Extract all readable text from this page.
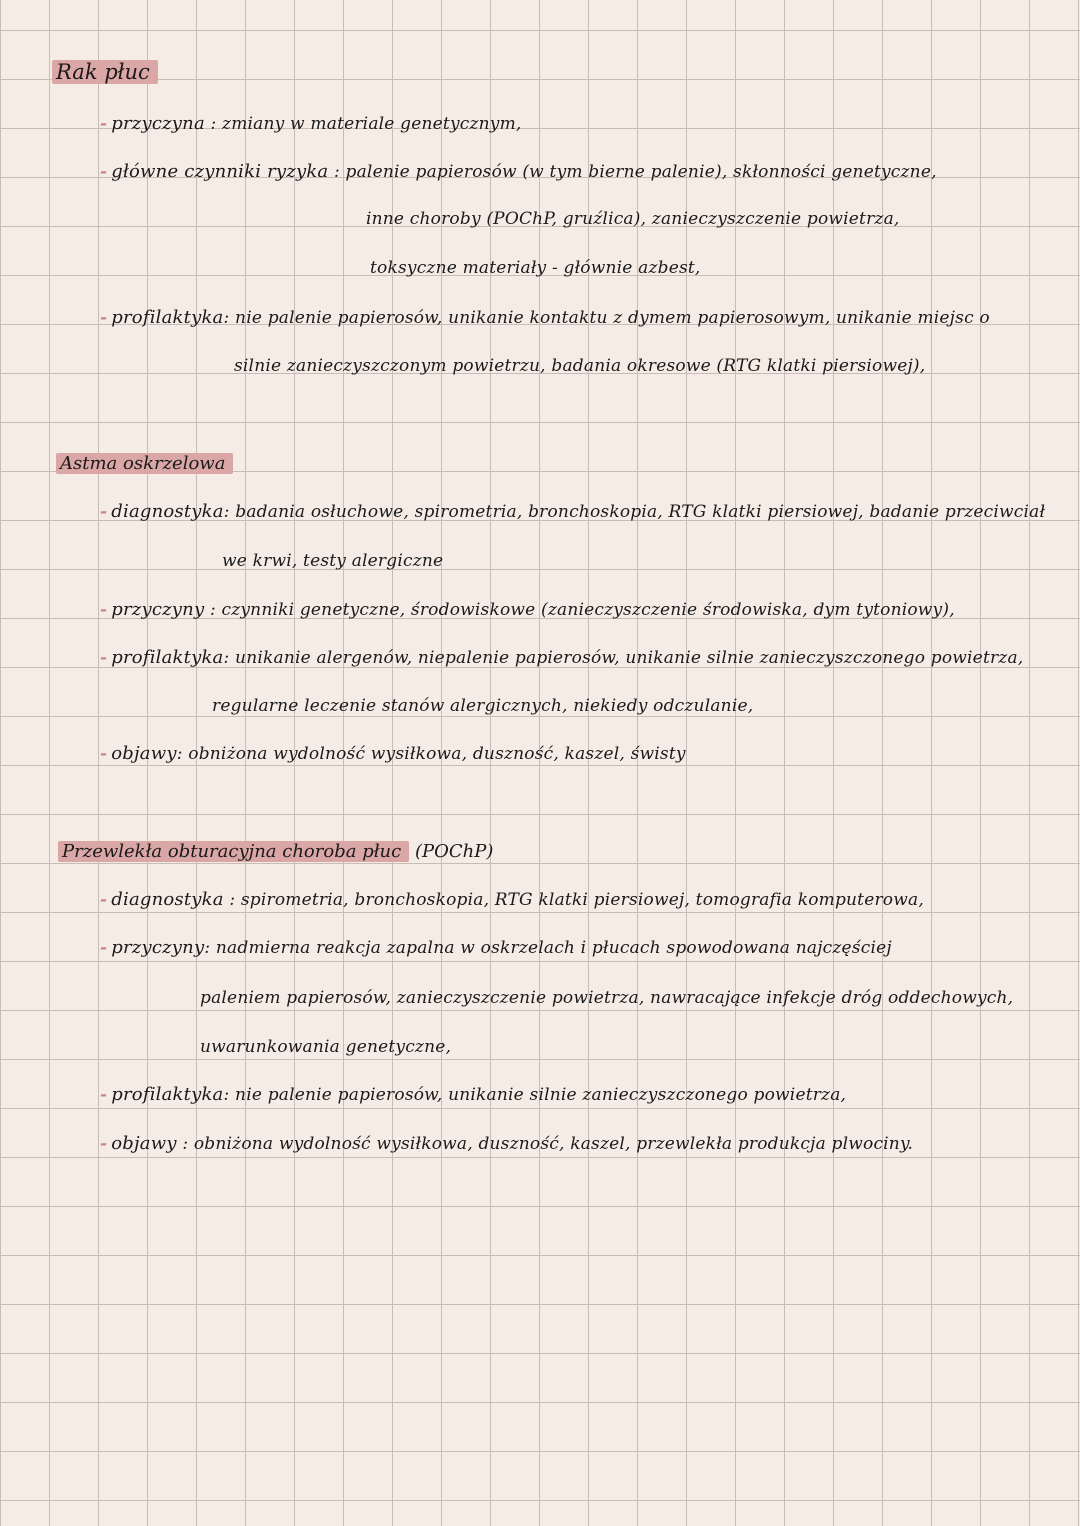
Rak płuc
- przyczyna : zmiany w materiale genetycznym,
- główne czynniki ryzyka : palenie papierosów (w tym bierne palenie), skłonności genetyczne,
inne choroby (POChP, gruźlica), zanieczyszczenie powietrza,
toksyczne materiały - głównie azbest,
- profilaktyka: nie palenie papierosów, unikanie kontaktu z dymem papierosowym, unikanie miejsc o
silnie zanieczyszczonym powietrzu, badania okresowe (RTG klatki piersiowej),
Astma oskrzelowa
- diagnostyka: badania osłuchowe, spirometria, bronchoskopia, RTG klatki piersiowej, badanie przeciwciał
we krwi, testy alergiczne
- przyczyny : czynniki genetyczne, środowiskowe (zanieczyszczenie środowiska, dym tytoniowy),
- profilaktyka: unikanie alergenów, niepalenie papierosów, unikanie silnie zanieczyszczonego powietrza,
regularne leczenie stanów alergicznych, niekiedy odczulanie,
- objawy: obniżona wydolność wysiłkowa, duszność, kaszel, świsty
Przewlekła obturacyjna choroba płuc (POChP)
- diagnostyka : spirometria, bronchoskopia, RTG klatki piersiowej, tomografia komputerowa,
- przyczyny: nadmierna reakcja zapalna w oskrzelach i płucach spowodowana najczęściej
paleniem papierosów, zanieczyszczenie powietrza, nawracające infekcje dróg oddechowych,
uwarunkowania genetyczne,
- profilaktyka: nie palenie papierosów, unikanie silnie zanieczyszczonego powietrza,
- objawy : obniżona wydolność wysiłkowa, duszność, kaszel, przewlekła produkcja plwociny.
